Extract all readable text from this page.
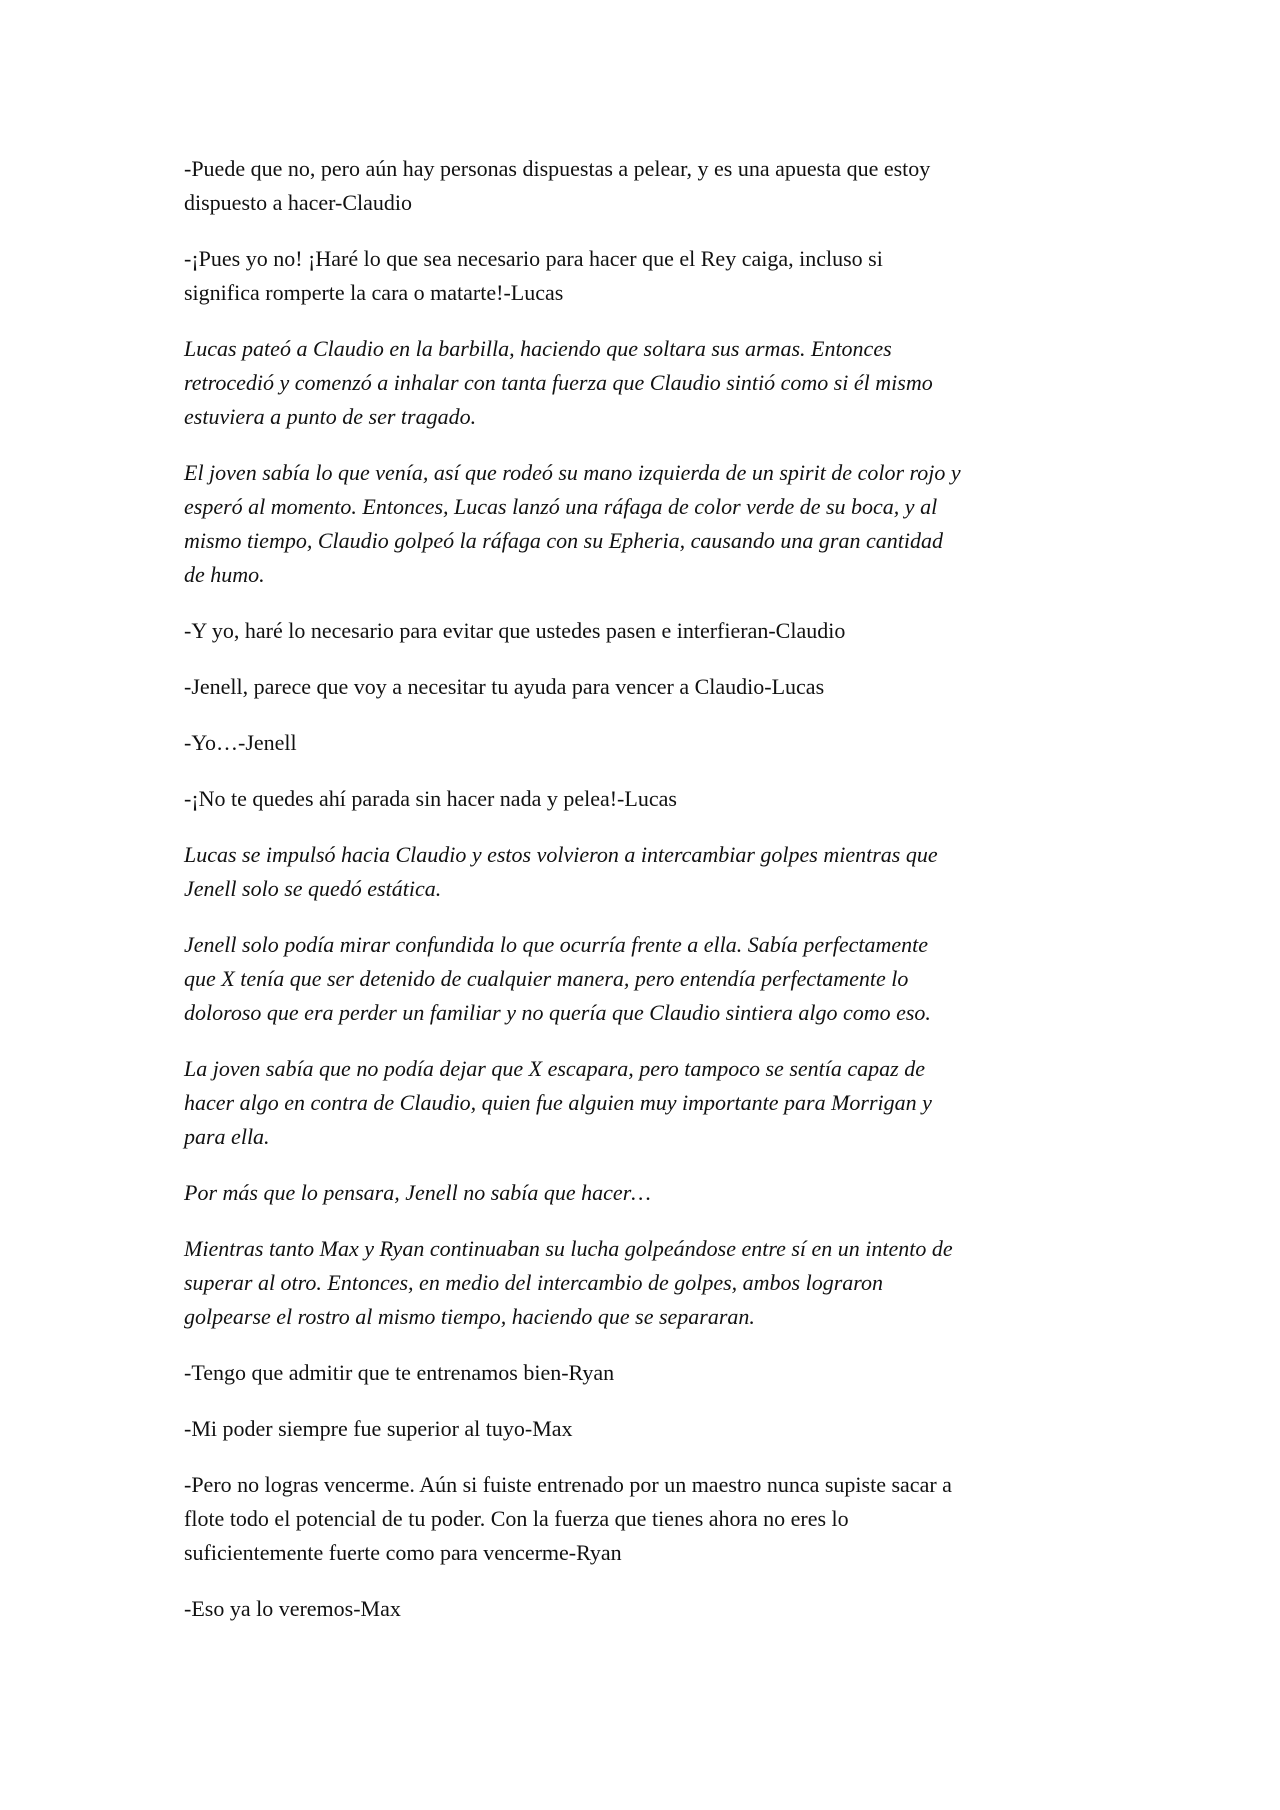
-Puede que no, pero aún hay personas dispuestas a pelear, y es una apuesta que estoy
dispuesto a hacer-Claudio

-¡Pues yo no! ¡Haré lo que sea necesario para hacer que el Rey caiga, incluso si
significa romperte la cara o matarte!-Lucas

Lucas pateó a Claudio en la barbilla, haciendo que soltara sus armas. Entonces
retrocedió y comenzó a inhalar con tanta fuerza que Claudio sintió como si él mismo
estuviera a punto de ser tragado.

El joven sabía lo que venía, así que rodeó su mano izquierda de un spirit de color rojo y
esperó al momento. Entonces, Lucas lanzó una ráfaga de color verde de su boca, y al
mismo tiempo, Claudio golpeó la ráfaga con su Epheria, causando una gran cantidad
de humo.

-Y yo, haré lo necesario para evitar que ustedes pasen e interfieran-Claudio

-Jenell, parece que voy a necesitar tu ayuda para vencer a Claudio-Lucas

-Yo…-Jenell

-¡No te quedes ahí parada sin hacer nada y pelea!-Lucas

Lucas se impulsó hacia Claudio y estos volvieron a intercambiar golpes mientras que
Jenell solo se quedó estática.

Jenell solo podía mirar confundida lo que ocurría frente a ella. Sabía perfectamente
que X tenía que ser detenido de cualquier manera, pero entendía perfectamente lo
doloroso que era perder un familiar y no quería que Claudio sintiera algo como eso.

La joven sabía que no podía dejar que X escapara, pero tampoco se sentía capaz de
hacer algo en contra de Claudio, quien fue alguien muy importante para Morrigan y
para ella.

Por más que lo pensara, Jenell no sabía que hacer…

Mientras tanto Max y Ryan continuaban su lucha golpeándose entre sí en un intento de
superar al otro. Entonces, en medio del intercambio de golpes, ambos lograron
golpearse el rostro al mismo tiempo, haciendo que se separaran.

-Tengo que admitir que te entrenamos bien-Ryan

-Mi poder siempre fue superior al tuyo-Max

-Pero no logras vencerme. Aún si fuiste entrenado por un maestro nunca supiste sacar a
flote todo el potencial de tu poder. Con la fuerza que tienes ahora no eres lo
suficientemente fuerte como para vencerme-Ryan

-Eso ya lo veremos-Max
